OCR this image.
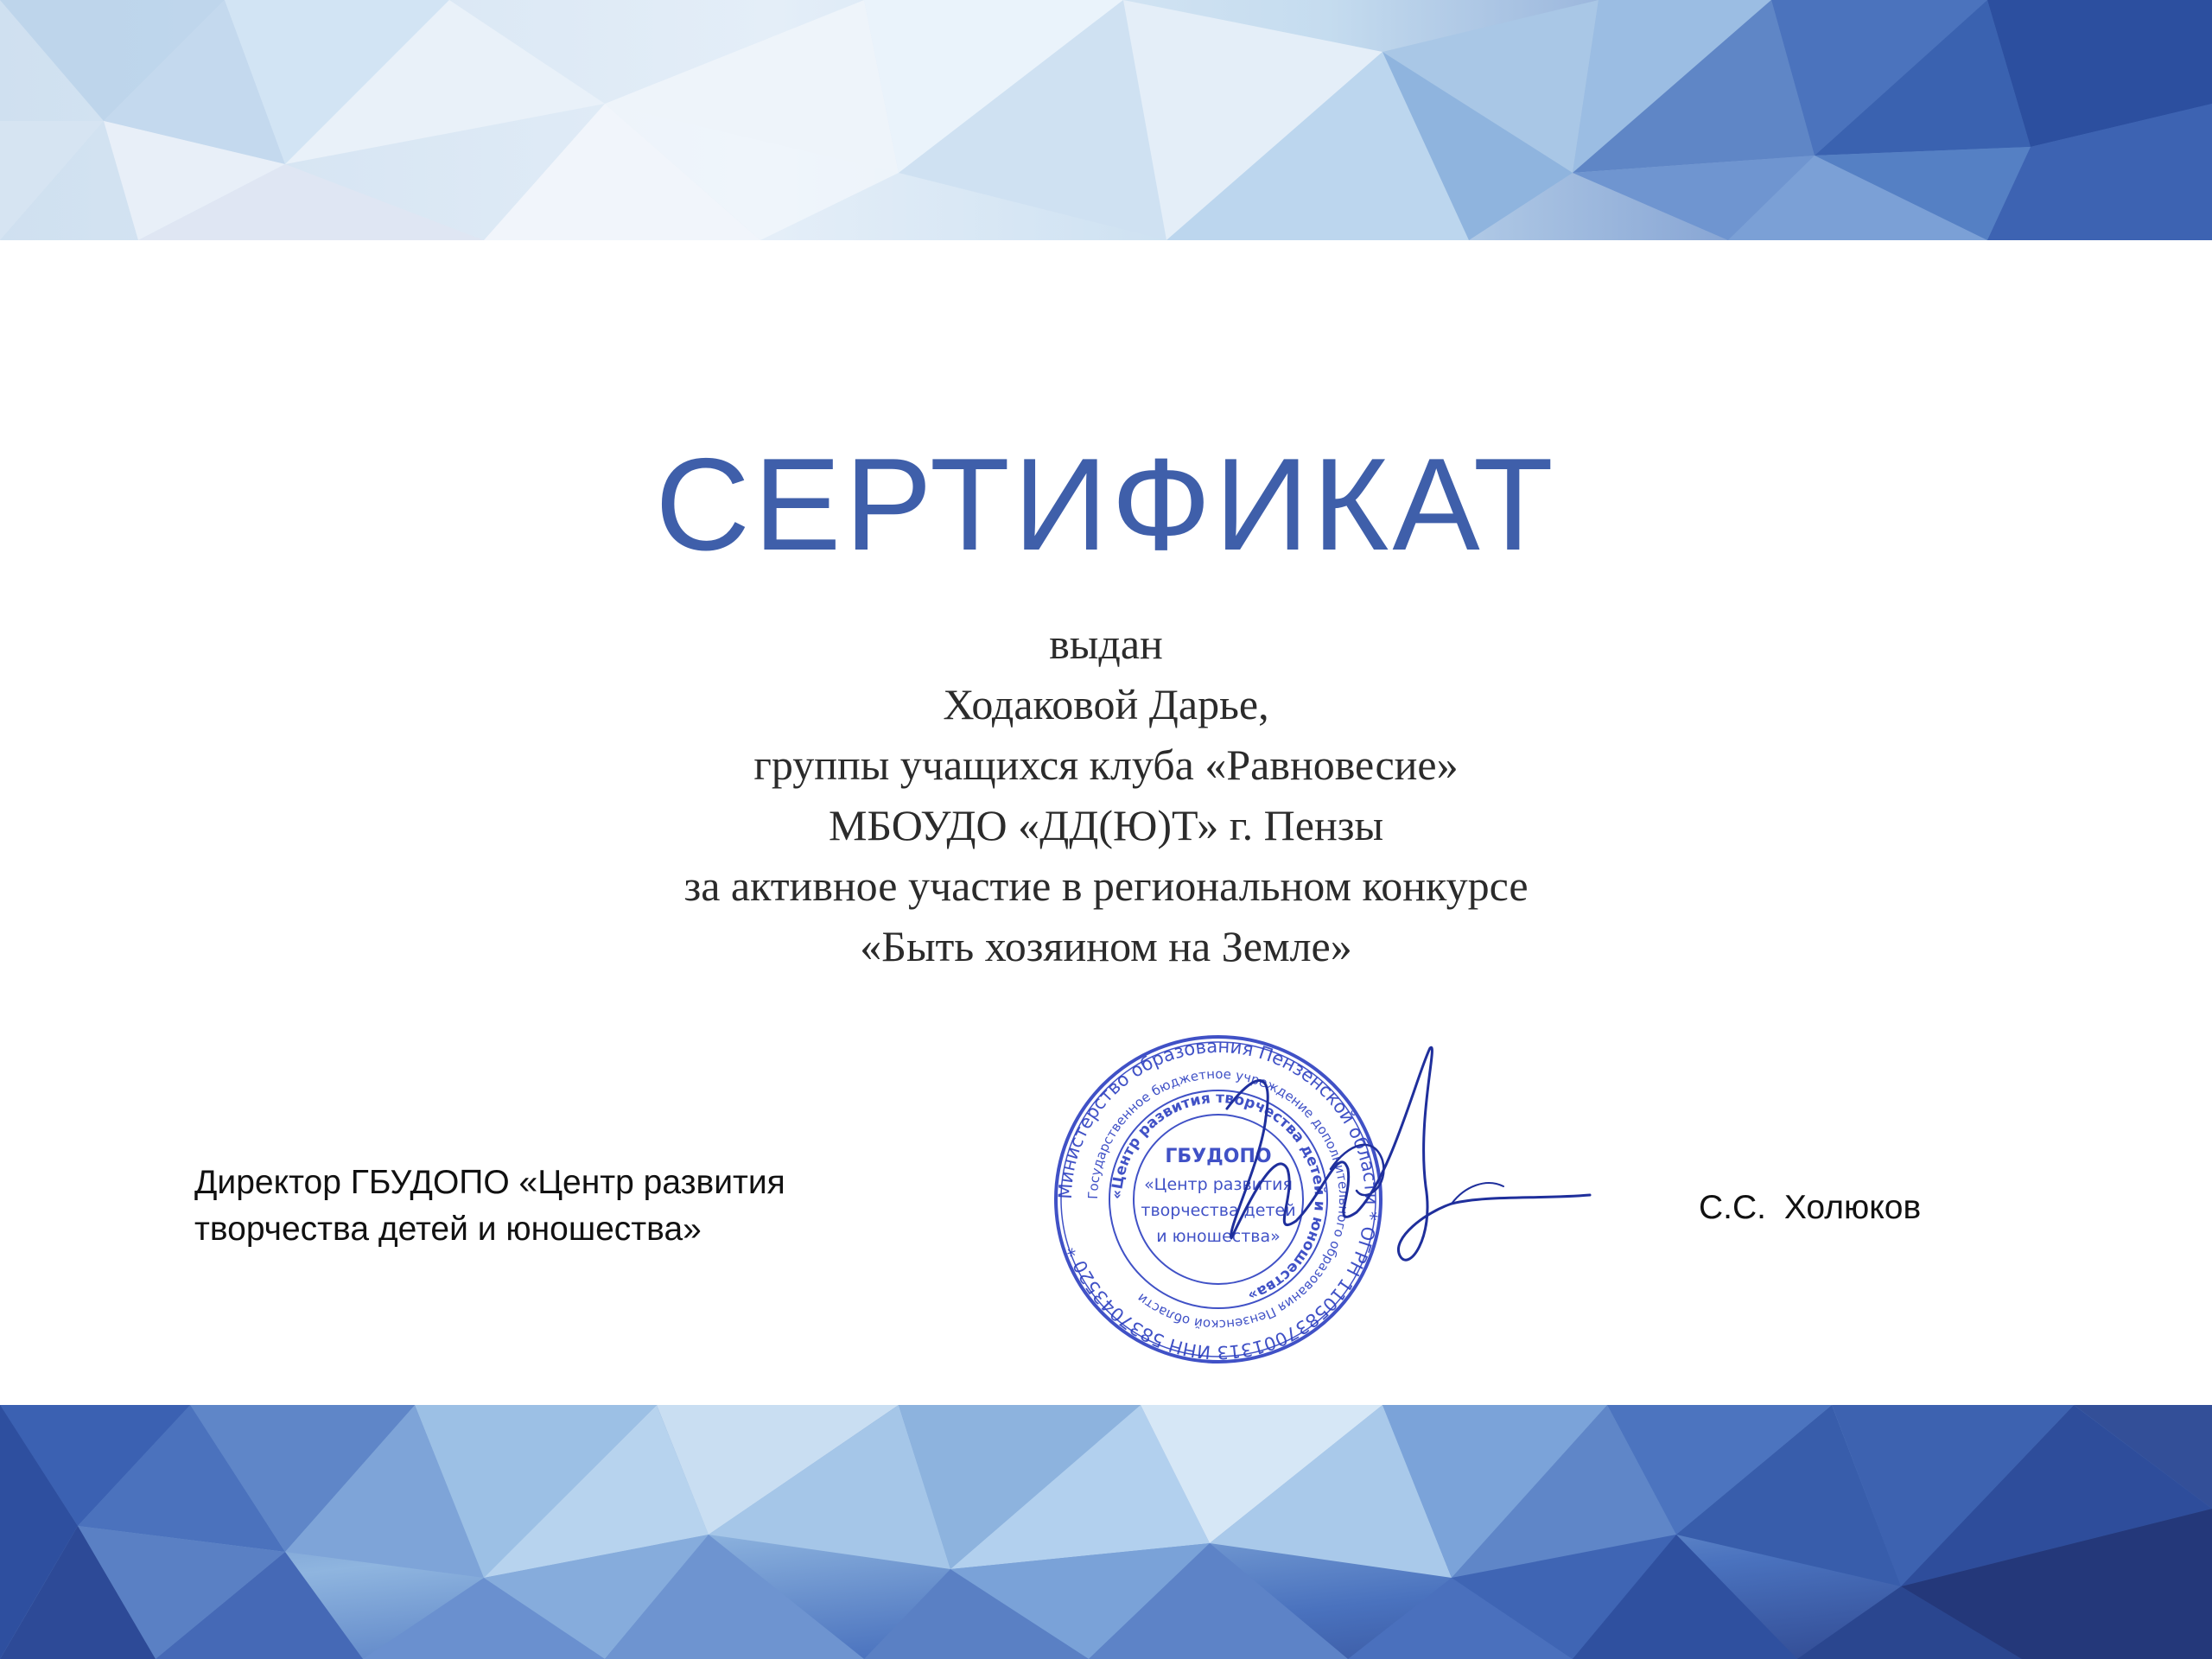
СЕРТИФИКАТ
выдан
Ходаковой Дарье,
группы учащихся клуба «Равновесие»
МБОУДО «ДД(Ю)Т» г. Пензы
за активное участие в региональном конкурсе
«Быть хозяином на Земле»
Директор ГБУДОПО «Центр развития
творчества детей и юношества»
С.С. Холюков
Министерство образования Пензенской области * ОГРН 1105837001313 ИНН 5837043520 *
Государственное бюджетное учреждение дополнительного образования Пензенской области
«Центр развития творчества детей и юношества»
ГБУДОПО
«Центр развития
творчества детей
и юношества»
